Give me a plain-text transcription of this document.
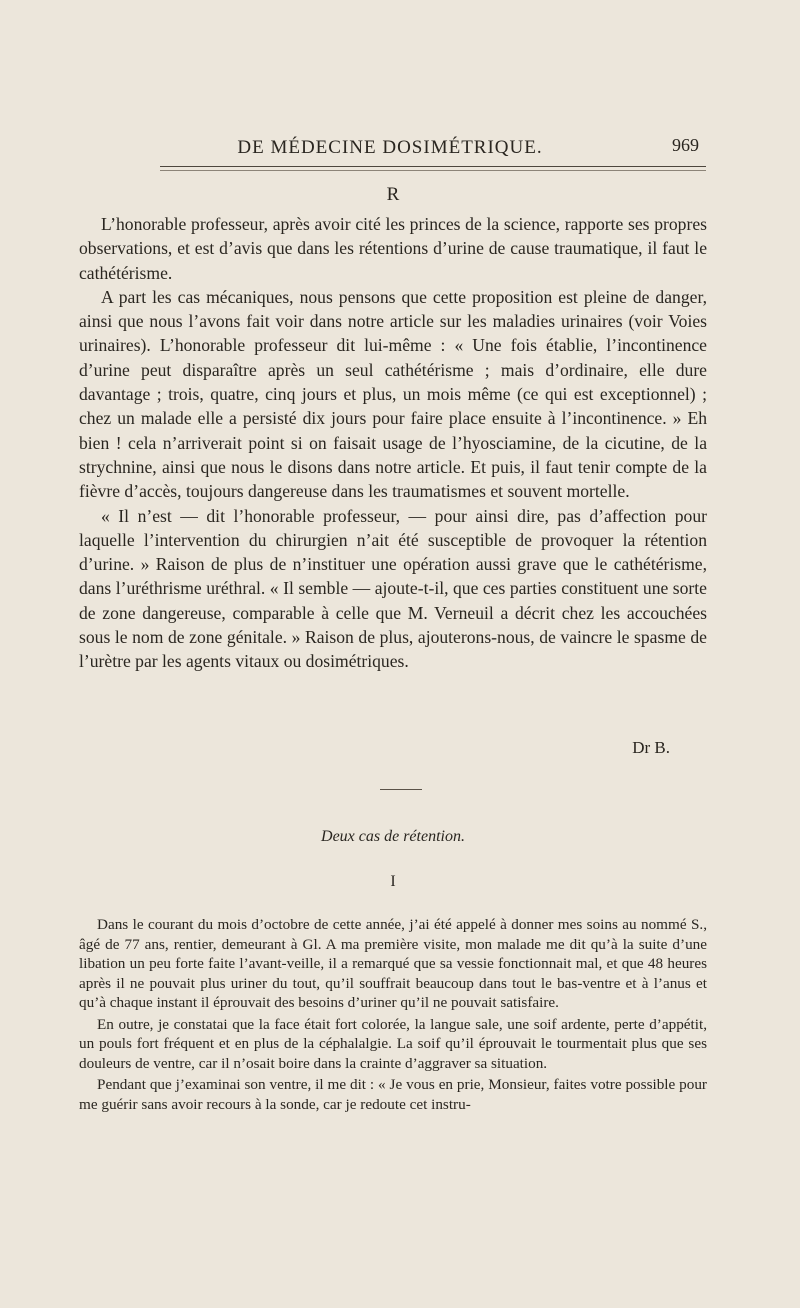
DE MÉDECINE DOSIMÉTRIQUE.	969
R

L’honorable professeur, après avoir cité les princes de la science, rapporte ses propres observations, et est d’avis que dans les rétentions d’urine de cause traumatique, il faut le cathétérisme.

A part les cas mécaniques, nous pensons que cette proposition est pleine de danger, ainsi que nous l’avons fait voir dans notre article sur les maladies urinaires (voir Voies urinaires). L’honorable professeur dit lui-même : « Une fois établie, l’incontinence d’urine peut disparaître après un seul cathétérisme ; mais d’ordinaire, elle dure davantage ; trois, quatre, cinq jours et plus, un mois même (ce qui est exceptionnel) ; chez un malade elle a persisté dix jours pour faire place ensuite à l’incontinence. » Eh bien ! cela n’arriverait point si on faisait usage de l’hyosciamine, de la cicutine, de la strychnine, ainsi que nous le disons dans notre article. Et puis, il faut tenir compte de la fièvre d’accès, toujours dangereuse dans les traumatismes et souvent mortelle.

« Il n’est — dit l’honorable professeur, — pour ainsi dire, pas d’affection pour laquelle l’intervention du chirurgien n’ait été susceptible de provoquer la rétention d’urine. » Raison de plus de n’instituer une opération aussi grave que le cathétérisme, dans l’uréthrisme uréthral. « Il semble — ajoute-t-il, que ces parties constituent une sorte de zone dangereuse, comparable à celle que M. Verneuil a décrit chez les accouchées sous le nom de zone génitale. » Raison de plus, ajouterons-nous, de vaincre le spasme de l’urètre par les agents vitaux ou dosimétriques.

Dr B.
Deux cas de rétention.
I

Dans le courant du mois d’octobre de cette année, j’ai été appelé à donner mes soins au nommé S., âgé de 77 ans, rentier, demeurant à Gl. A ma première visite, mon malade me dit qu’à la suite d’une libation un peu forte faite l’avant-veille, il a remarqué que sa vessie fonctionnait mal, et que 48 heures après il ne pouvait plus uriner du tout, qu’il souffrait beaucoup dans tout le bas-ventre et à l’anus et qu’à chaque instant il éprouvait des besoins d’uriner qu’il ne pouvait satisfaire.

En outre, je constatai que la face était fort colorée, la langue sale, une soif ardente, perte d’appétit, un pouls fort fréquent et en plus de la céphalalgie. La soif qu’il éprouvait le tourmentait plus que ses douleurs de ventre, car il n’osait boire dans la crainte d’aggraver sa situation.

Pendant que j’examinai son ventre, il me dit : « Je vous en prie, Monsieur, faites votre possible pour me guérir sans avoir recours à la sonde, car je redoute cet instru-
